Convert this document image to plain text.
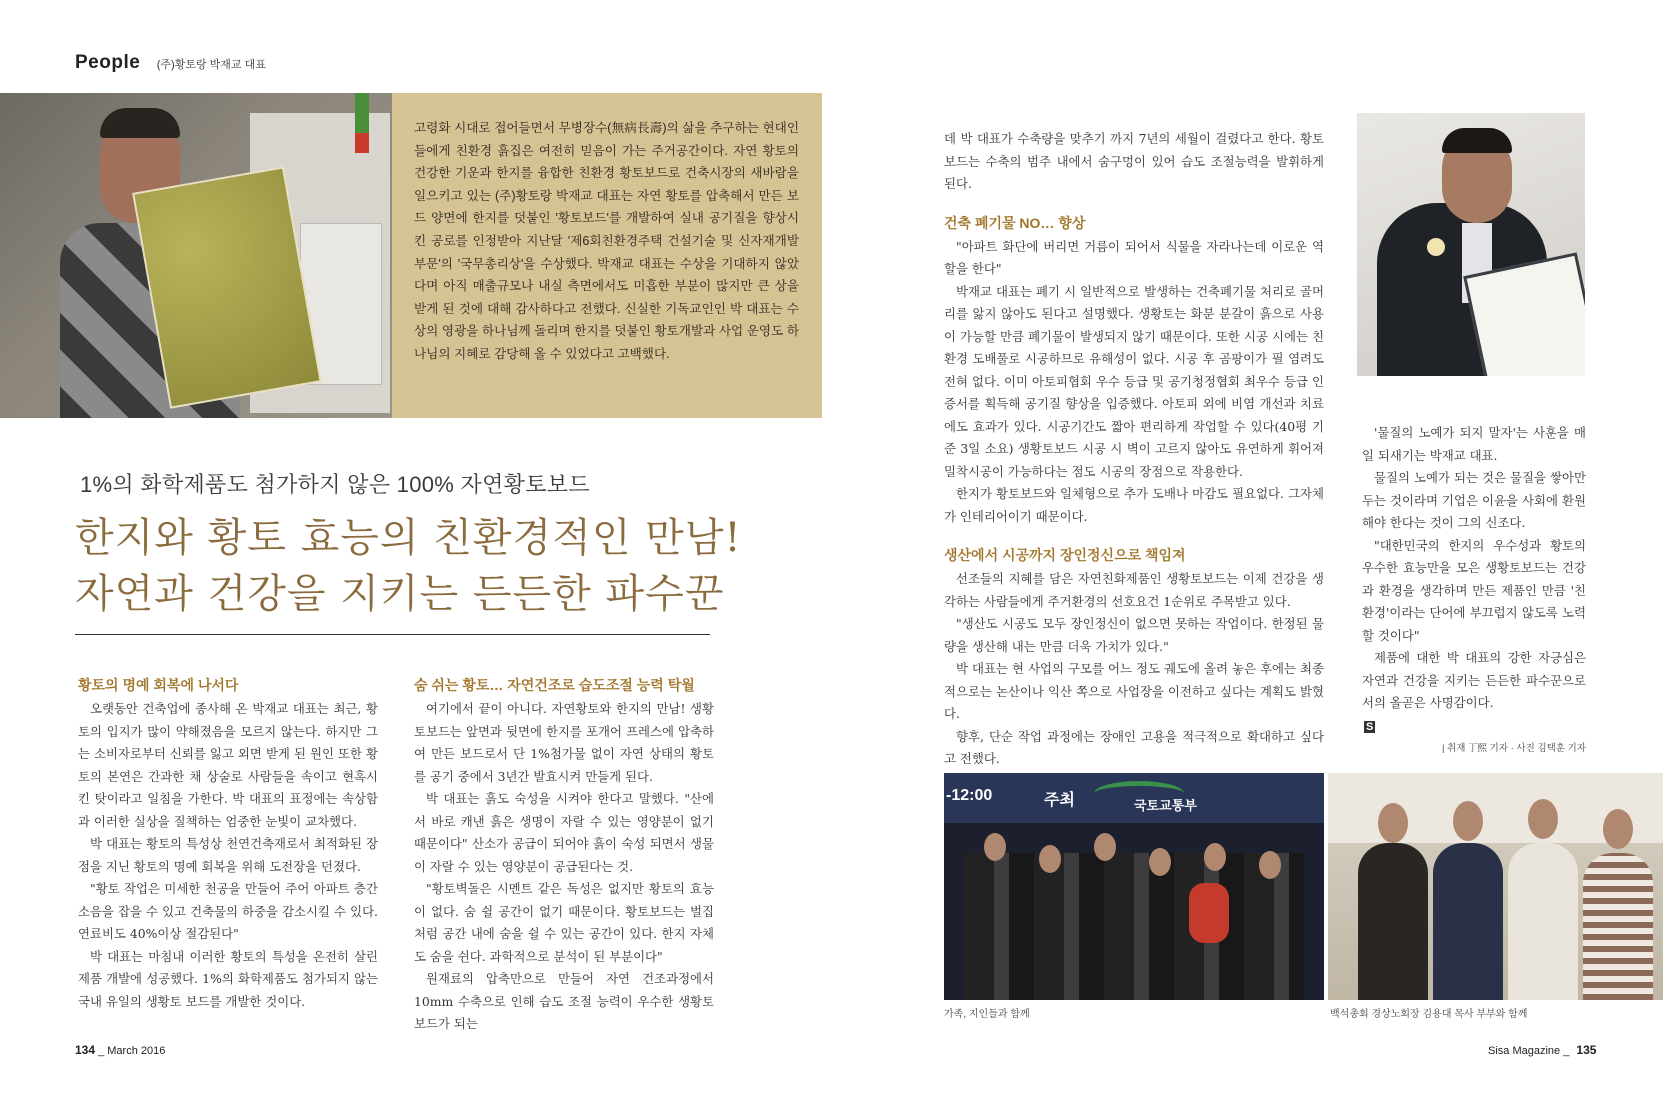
People (주)황토랑 박재교 대표
고령화 시대로 접어들면서 무병장수(無病長壽)의 삶을 추구하는 현대인들에게 친환경 흙집은 여전히 믿음이 가는 주거공간이다. 자연 황토의 건강한 기운과 한지를 융합한 친환경 황토보드로 건축시장의 새바람을 일으키고 있는 (주)황토랑 박재교 대표는 자연 황토를 압축해서 만든 보드 양면에 한지를 덧붙인 '황토보드'를 개발하여 실내 공기질을 향상시킨 공로를 인정받아 지난달 '제6회친환경주택 건설기술 및 신자재개발부문'의 '국무총리상'을 수상했다. 박재교 대표는 수상을 기대하지 않았다며 아직 매출규모나 내실 측면에서도 미흡한 부분이 많지만 큰 상을 받게 된 것에 대해 감사하다고 전했다. 신실한 기독교인인 박 대표는 수상의 영광을 하나님께 돌리며 한지를 덧붙인 황토개발과 사업 운영도 하나님의 지혜로 감당해 올 수 있었다고 고백했다.
1%의 화학제품도 첨가하지 않은 100% 자연황토보드
한지와 황토 효능의 친환경적인 만남!
자연과 건강을 지키는 든든한 파수꾼
황토의 명예 회복에 나서다

오랫동안 건축업에 종사해 온 박재교 대표는 최근, 황토의 입지가 많이 약해졌음을 모르지 않는다. 하지만 그는 소비자로부터 신뢰를 잃고 외면 받게 된 원인 또한 황토의 본연은 간과한 채 상술로 사람들을 속이고 현혹시킨 탓이라고 일침을 가한다. 박 대표의 표정에는 속상함과 이러한 실상을 질책하는 엄중한 눈빛이 교차했다.

박 대표는 황토의 특성상 천연건축재로서 최적화된 장점을 지닌 황토의 명예 회복을 위해 도전장을 던졌다.

"황토 작업은 미세한 천공을 만들어 주어 아파트 층간소음을 잡을 수 있고 건축물의 하중을 감소시킬 수 있다. 연료비도 40%이상 절감된다"

박 대표는 마침내 이러한 황토의 특성을 온전히 살린 제품 개발에 성공했다. 1%의 화학제품도 첨가되지 않는 국내 유일의 생황토 보드를 개발한 것이다.

숨 쉬는 황토… 자연건조로 습도조절 능력 탁월

여기에서 끝이 아니다. 자연황토와 한지의 만남! 생황토보드는 앞면과 뒷면에 한지를 포개어 프레스에 압축하여 만든 보드로서 단 1%첨가물 없이 자연 상태의 황토를 공기 중에서 3년간 발효시켜 만들게 된다.

박 대표는 흙도 숙성을 시켜야 한다고 말했다. "산에서 바로 캐낸 흙은 생명이 자랄 수 있는 영양분이 없기 때문이다" 산소가 공급이 되어야 흙이 숙성 되면서 생물이 자랄 수 있는 영양분이 공급된다는 것.

"황토벽돌은 시멘트 같은 독성은 없지만 황토의 효능이 없다. 숨 쉴 공간이 없기 때문이다. 황토보드는 벌집처럼 공간 내에 숨을 쉴 수 있는 공간이 있다. 한지 자체도 숨을 쉰다. 과학적으로 분석이 된 부분이다"

원재료의 압축만으로 만들어 자연 건조과정에서 10mm 수축으로 인해 습도 조절 능력이 우수한 생황토보드가 되는

134 _ March 2016

데 박 대표가 수축량을 맞추기 까지 7년의 세월이 걸렸다고 한다. 황토보드는 수축의 범주 내에서 숨구멍이 있어 습도 조절능력을 발휘하게 된다.

건축 폐기물 NO… 향상

"아파트 화단에 버리면 거름이 되어서 식물을 자라나는데 이로운 역할을 한다"

박재교 대표는 폐기 시 일반적으로 발생하는 건축폐기물 처리로 골머리를 앓지 않아도 된다고 설명했다. 생황토는 화분 분갈이 흙으로 사용이 가능할 만큼 폐기물이 발생되지 않기 때문이다. 또한 시공 시에는 친환경 도배풀로 시공하므로 유해성이 없다. 시공 후 곰팡이가 필 염려도 전혀 없다. 이미 아토피협회 우수 등급 및 공기청정협회 최우수 등급 인증서를 획득해 공기질 향상을 입증했다. 아토피 외에 비염 개선과 치료에도 효과가 있다. 시공기간도 짧아 편리하게 작업할 수 있다(40평 기준 3일 소요) 생황토보드 시공 시 벽이 고르지 않아도 유연하게 휘어져 밀착시공이 가능하다는 점도 시공의 장점으로 작용한다.

한지가 황토보드와 일체형으로 추가 도배나 마감도 필요없다. 그자체가 인테리어이기 때문이다.

생산에서 시공까지 장인정신으로 책임져

선조들의 지혜를 담은 자연친화제품인 생황토보드는 이제 건강을 생각하는 사람들에게 주거환경의 선호요건 1순위로 주목받고 있다.

"생산도 시공도 모두 장인정신이 없으면 못하는 작업이다. 한정된 물량을 생산해 내는 만큼 더욱 가치가 있다."

박 대표는 현 사업의 구모를 어느 정도 궤도에 올려 놓은 후에는 최종적으로는 논산이나 익산 쪽으로 사업장을 이전하고 싶다는 계획도 밝혔다.

향후, 단순 작업 과정에는 장애인 고용을 적극적으로 확대하고 싶다고 전했다.

'물질의 노예가 되지 말자'는 사훈을 매일 되새기는 박재교 대표.

물질의 노예가 되는 것은 물질을 쌓아만 두는 것이라며 기업은 이윤을 사회에 환원해야 한다는 것이 그의 신조다.

"대한민국의 한지의 우수성과 황토의 우수한 효능만을 모은 생황토보드는 건강과 환경을 생각하며 만든 제품인 만큼 '친환경'이라는 단어에 부끄럽지 않도록 노력할 것이다"

제품에 대한 박 대표의 강한 자긍심은 자연과 건강을 지키는 든든한 파수꾼으로서의 올곧은 사명감이다.

S
| 취재 丁熙 기자 · 사진 김택훈 기자
-12:00	주최	국토교통부
가족, 지인들과 함께	백석총회 경상노회장 김용대 목사 부부와 함께
Sisa Magazine _ 135
